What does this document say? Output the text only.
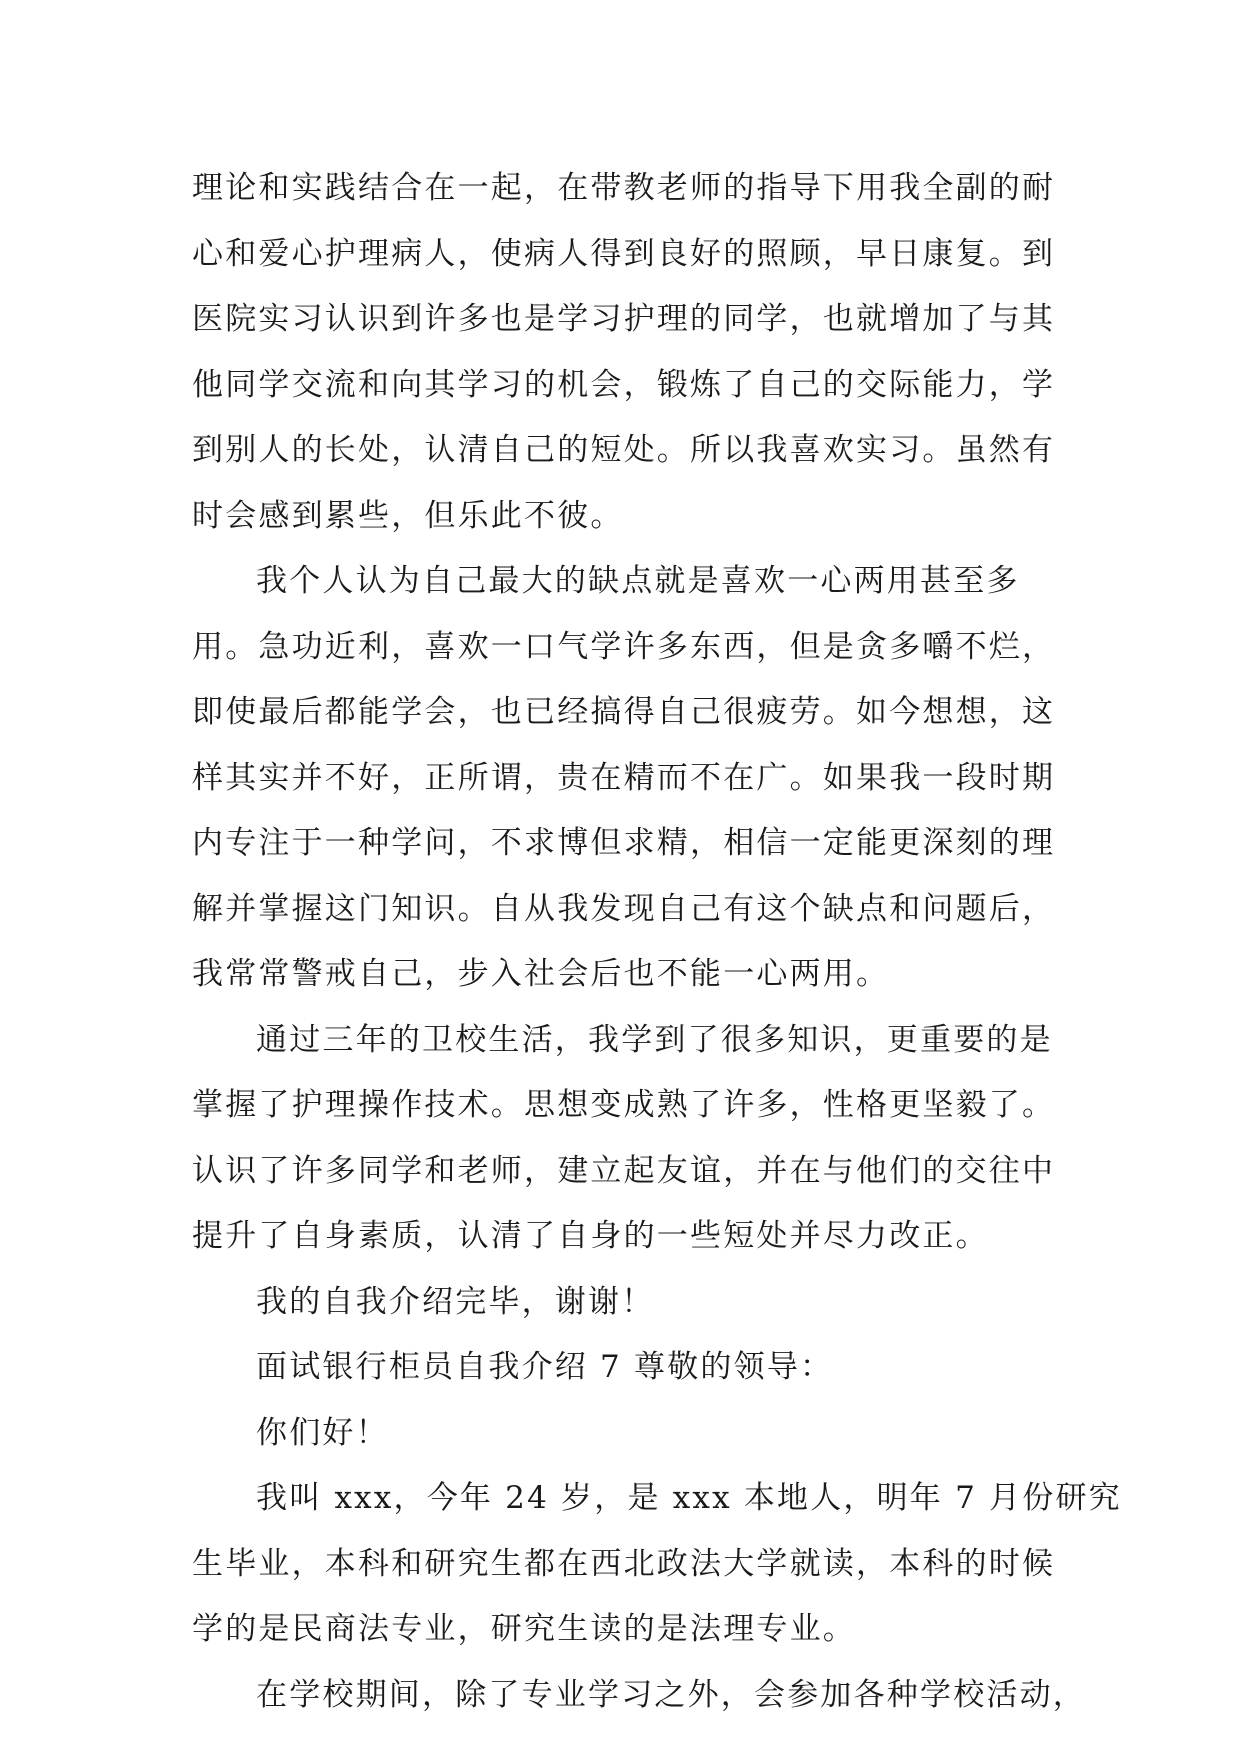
理论和实践结合在一起，在带教老师的指导下用我全副的耐
心和爱心护理病人，使病人得到良好的照顾，早日康复。到
医院实习认识到许多也是学习护理的同学，也就增加了与其
他同学交流和向其学习的机会，锻炼了自己的交际能力，学
到别人的长处，认清自己的短处。所以我喜欢实习。虽然有
时会感到累些，但乐此不彼。
我个人认为自己最大的缺点就是喜欢一心两用甚至多
用。急功近利，喜欢一口气学许多东西，但是贪多嚼不烂，
即使最后都能学会，也已经搞得自己很疲劳。如今想想，这
样其实并不好，正所谓，贵在精而不在广。如果我一段时期
内专注于一种学问，不求博但求精，相信一定能更深刻的理
解并掌握这门知识。自从我发现自己有这个缺点和问题后，
我常常警戒自己，步入社会后也不能一心两用。
通过三年的卫校生活，我学到了很多知识，更重要的是
掌握了护理操作技术。思想变成熟了许多，性格更坚毅了。
认识了许多同学和老师，建立起友谊，并在与他们的交往中
提升了自身素质，认清了自身的一些短处并尽力改正。
我的自我介绍完毕，谢谢！
面试银行柜员自我介绍 7 尊敬的领导：
你们好！
我叫 xxx，今年 24 岁，是 xxx 本地人，明年 7 月份研究
生毕业，本科和研究生都在西北政法大学就读，本科的时候
学的是民商法专业，研究生读的是法理专业。
在学校期间，除了专业学习之外，会参加各种学校活动，
